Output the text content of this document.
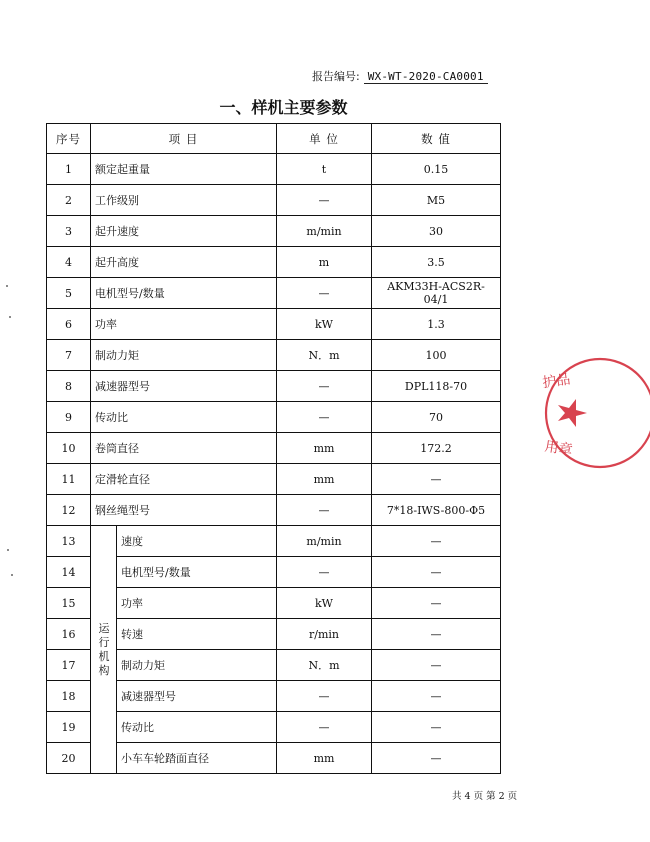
报告编号: WX-WT-2020-CA0001
一、样机主要参数
序号	项 目		单 位	数 值
1	额定起重量		t	0.15
2	工作级别		—	M5
3	起升速度		m/min	30
4	起升高度		m	3.5
5	电机型号/数量		—	AKM33H-ACS2R-04/1
6	功率		kW	1.3
7	制动力矩		N．m	100
8	减速器型号		—	DPL118-70
9	传动比		—	70
10	卷筒直径		mm	172.2
11	定滑轮直径		mm	—
12	钢丝绳型号		—	7*18-IWS-800-Φ5
13	运行机构	速度	m/min	—
14		电机型号/数量	—	—
15		功率	kW	—
16		转速	r/min	—
17		制动力矩	N．m	—
18		减速器型号	—	—
19		传动比	—	—
20		小车车轮踏面直径	mm	—
共 4 页 第 2 页
护品
用章
